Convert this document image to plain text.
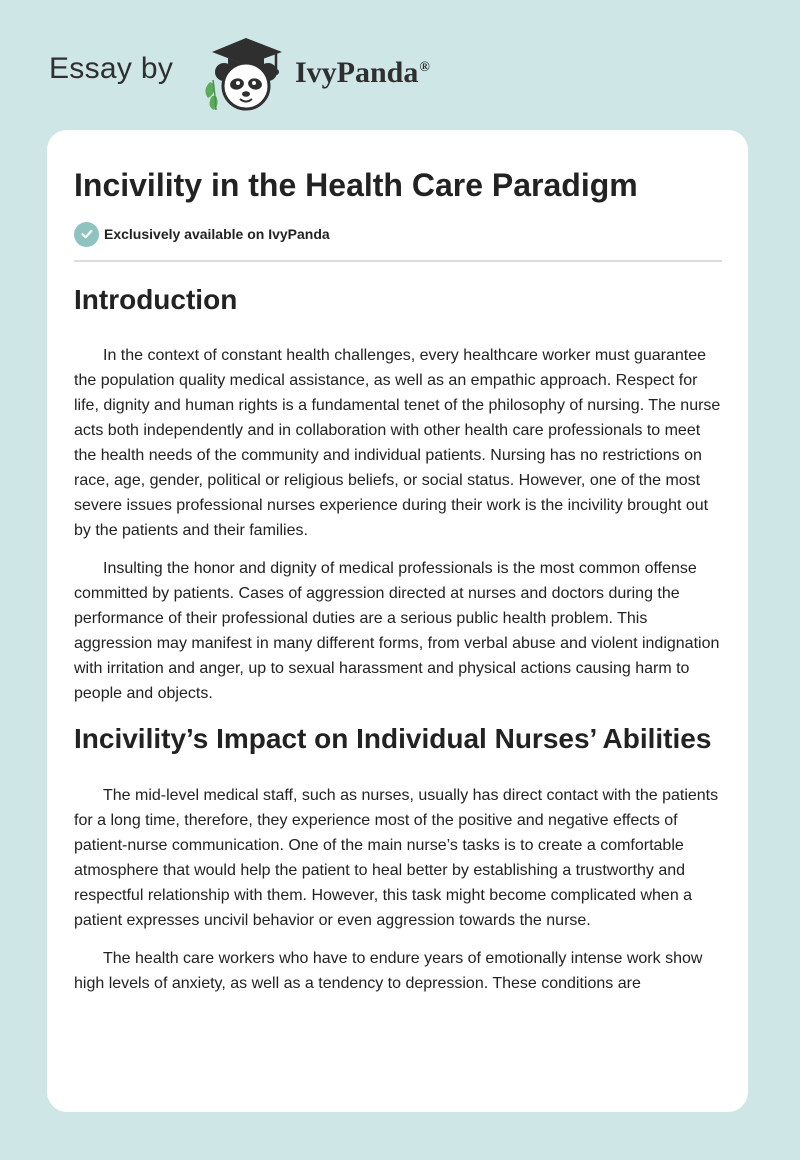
Essay by	IvyPanda®
Incivility in the Health Care Paradigm
Exclusively available on IvyPanda
Introduction

In the context of constant health challenges, every healthcare worker must guarantee the population quality medical assistance, as well as an empathic approach. Respect for life, dignity and human rights is a fundamental tenet of the philosophy of nursing. The nurse acts both independently and in collaboration with other health care professionals to meet the health needs of the community and individual patients. Nursing has no restrictions on race, age, gender, political or religious beliefs, or social status. However, one of the most severe issues professional nurses experience during their work is the incivility brought out by the patients and their families.

Insulting the honor and dignity of medical professionals is the most common offense committed by patients. Cases of aggression directed at nurses and doctors during the performance of their professional duties are a serious public health problem. This aggression may manifest in many different forms, from verbal abuse and violent indignation with irritation and anger, up to sexual harassment and physical actions causing harm to people and objects.

Incivility’s Impact on Individual Nurses’ Abilities

The mid-level medical staff, such as nurses, usually has direct contact with the patients for a long time, therefore, they experience most of the positive and negative effects of patient-nurse communication. One of the main nurse’s tasks is to create a comfortable atmosphere that would help the patient to heal better by establishing a trustworthy and respectful relationship with them. However, this task might become complicated when a patient expresses uncivil behavior or even aggression towards the nurse.

The health care workers who have to endure years of emotionally intense work show high levels of anxiety, as well as a tendency to depression. These conditions are
